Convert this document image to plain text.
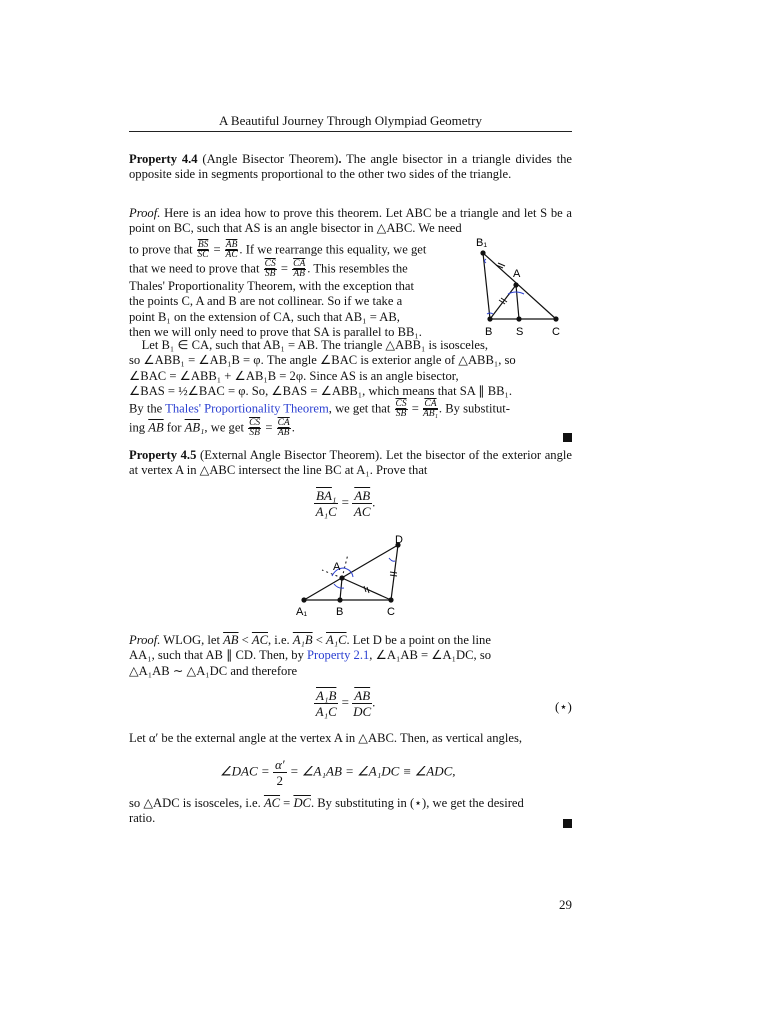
A Beautiful Journey Through Olympiad Geometry

Property 4.4 (Angle Bisector Theorem). The angle bisector in a triangle divides the opposite side in segments proportional to the other two sides of the triangle.

Proof. Here is an idea how to prove this theorem. Let ABC be a triangle and let S be a point on BC, such that AS is an angle bisector in △ABC. We need

to prove that $\frac{\overline{BS}}{SC} = \frac{\overline{AB}}{AC}$ . If we rearrange this equality, we get
that we need to prove that $\frac{\overline{CS}}{SB} = \frac{\overline{CA}}{AB}$ . This resembles the
Thales' Proportionality Theorem, with the exception that
the points C, A and B are not collinear. So if we take a
point B₁ on the extension of CA, such that AB₁ = AB,
then we will only need to prove that SA is parallel to BB₁.

B₁
A
B S	C

Let B₁ ∈ CA, such that AB₁ = AB. The triangle △ABB₁ is isosceles,
so ∠ABB₁ = ∠AB₁B = φ. The angle ∠BAC is exterior angle of △ABB₁, so
∠BAC = ∠ABB₁ + ∠AB₁B = 2φ. Since AS is an angle bisector,
∠BAS = ½∠BAC = φ. So, ∠BAS = ∠ABB₁, which means that SA ∥ BB₁.

By the Thales' Proportionality Theorem, we get that $\frac{\overline{CS}}{SB} = \frac{\overline{CA}}{\text{AB₁}}$ . By substitut-
ing $\overline{AB}$ for $\overline{AB}_1$, we get $\frac{\overline{CS}}{SB} = \frac{\overline{CA}}{AB}$ .

Property 4.5 (External Angle Bisector Theorem). Let the bisector of the exterior angle at vertex A in △ABC intersect the line BC at A₁. Prove that

$\frac{\overline{BA}_1}{\text{A₁C}} = \frac{\overline{AB}}{AC}$ .
D
A
A₁	B	C

Proof. WLOG, let $\overline{AB} < \overline{AC}$, i.e. A₁B < A₁C. Let D be a point on the line
AA₁, such that AB ∥ CD. Then, by Property 2.1, ∠A₁AB = ∠A₁DC, so
△A₁AB ∼ △A₁DC and therefore

$\frac{\text{A₁B}}{\text{A₁C}} = \frac{\overline{AB}}{DC}$ .	(⋆)

Let α′ be the external angle at the vertex A in △ABC. Then, as vertical angles,

∠DAC = $\frac{\alpha'}{2}$ = ∠A₁AB = ∠A₁DC ≡ ∠ADC,

so △ADC is isosceles, i.e. $\overline{AC} = \overline{DC}$. By substituting in (⋆), we get the desired
ratio.

29
